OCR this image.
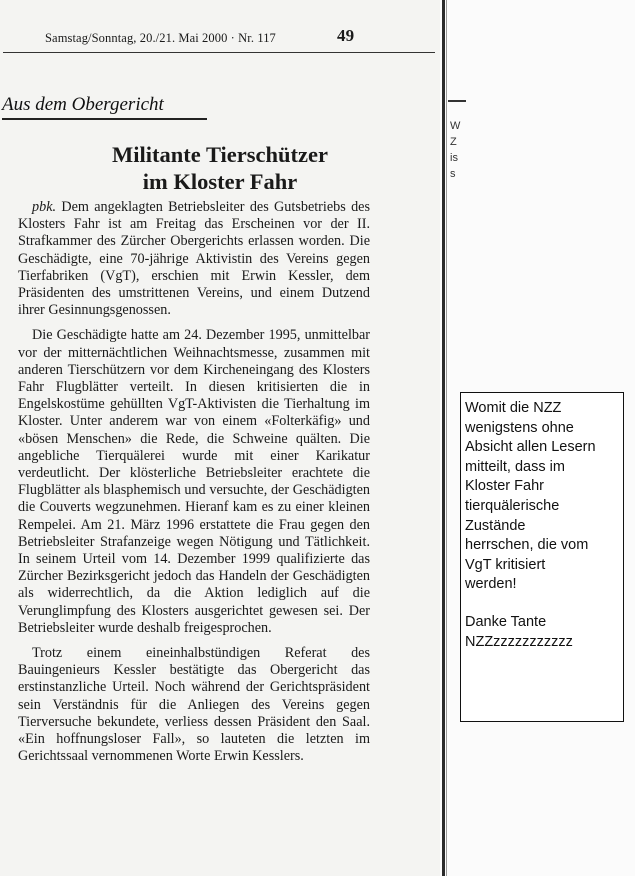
Samstag/Sonntag, 20./21. Mai 2000 · Nr. 117	49
Aus dem Obergericht
Militante Tierschützer
im Kloster Fahr

pbk. Dem angeklagten Betriebsleiter des Gutsbetriebs des Klosters Fahr ist am Freitag das Erscheinen vor der II. Strafkammer des Zürcher Obergerichts erlassen worden. Die Geschädigte, eine 70-jährige Aktivistin des Vereins gegen Tierfabriken (VgT), erschien mit Erwin Kessler, dem Präsidenten des umstrittenen Vereins, und einem Dutzend ihrer Gesinnungsgenossen.

Die Geschädigte hatte am 24. Dezember 1995, unmittelbar vor der mitternächtlichen Weihnachtsmesse, zusammen mit anderen Tierschützern vor dem Kircheneingang des Klosters Fahr Flugblätter verteilt. In diesen kritisierten die in Engelskostüme gehüllten VgT-Aktivisten die Tierhaltung im Kloster. Unter anderem war von einem «Folterkäfig» und «bösen Menschen» die Rede, die Schweine quälten. Die angebliche Tierquälerei wurde mit einer Karikatur verdeutlicht. Der klösterliche Betriebsleiter erachtete die Flugblätter als blasphemisch und versuchte, der Geschädigten die Couverts wegzunehmen. Hieranf kam es zu einer kleinen Rempelei. Am 21. März 1996 erstattete die Frau gegen den Betriebsleiter Strafanzeige wegen Nötigung und Tätlichkeit. In seinem Urteil vom 14. Dezember 1999 qualifizierte das Zürcher Bezirksgericht jedoch das Handeln der Geschädigten als widerrechtlich, da die Aktion lediglich auf die Verunglimpfung des Klosters ausgerichtet gewesen sei. Der Betriebsleiter wurde deshalb freigesprochen.

Trotz einem eineinhalbstündigen Referat des Bauingenieurs Kessler bestätigte das Obergericht das erstinstanzliche Urteil. Noch während der Gerichtspräsident sein Verständnis für die Anliegen des Vereins gegen Tierversuche bekundete, verliess dessen Präsident den Saal. «Ein hoffnungsloser Fall», so lauteten die letzten im Gerichtssaal vernommenen Worte Erwin Kesslers.

W
Z
is
s
Womit die NZZ
wenigstens ohne
Absicht allen Lesern
mitteilt, dass im
Kloster Fahr
tierquälerische
Zustände
herrschen, die vom
VgT kritisiert
werden!
Danke Tante
NZZzzzzzzzzzzz
